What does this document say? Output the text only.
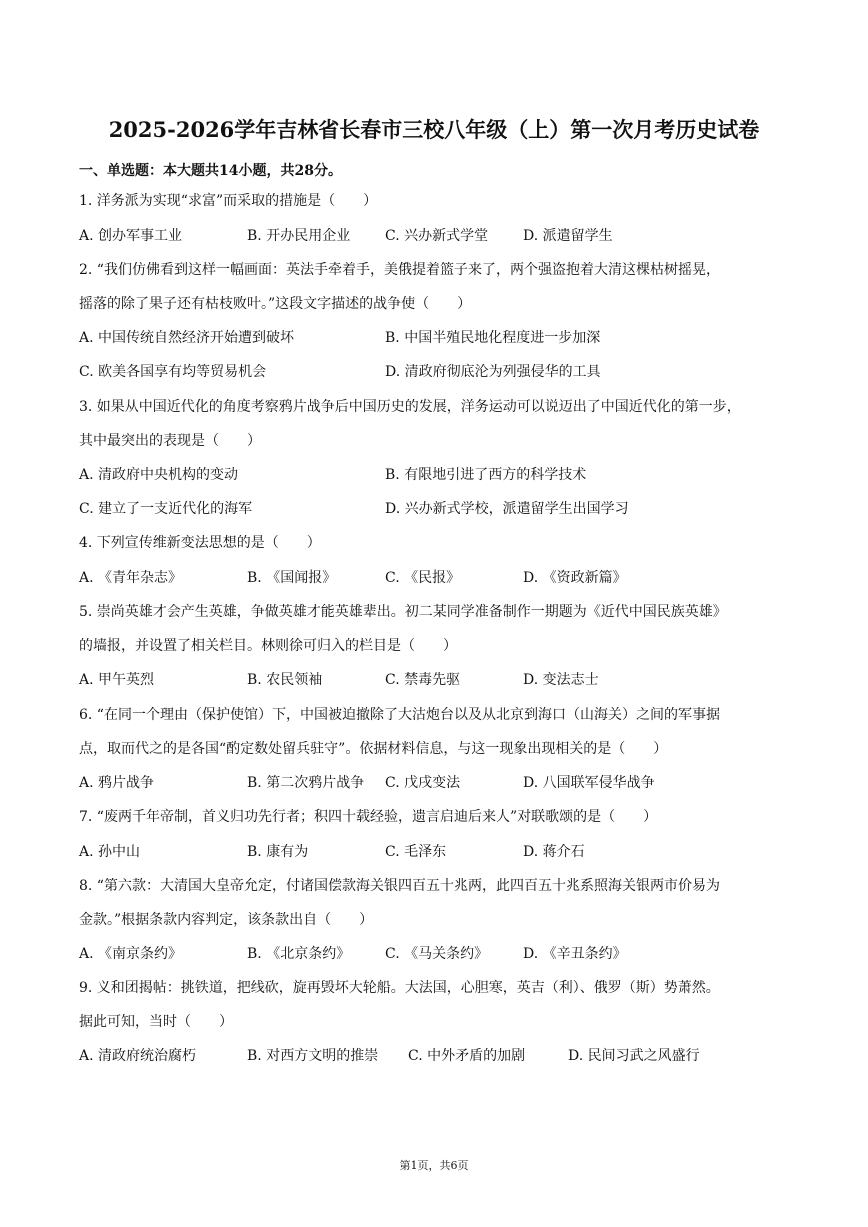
2025-2026学年吉林省长春市三校八年级（上）第一次月考历史试卷
一、单选题：本大题共14小题，共28分。
1. 洋务派为实现“求富”而采取的措施是（　　）
A. 创办军事工业	B. 开办民用企业 C. 兴办新式学堂 D. 派遣留学生
2. “我们仿佛看到这样一幅画面：英法手牵着手，美俄提着篮子来了，两个强盗抱着大清这棵枯树摇晃，
摇落的除了果子还有枯枝败叶。”这段文字描述的战争使（　　）
A. 中国传统自然经济开始遭到破坏	B. 中国半殖民地化程度进一步加深
C. 欧美各国享有均等贸易机会	D. 清政府彻底沦为列强侵华的工具
3. 如果从中国近代化的角度考察鸦片战争后中国历史的发展，洋务运动可以说迈出了中国近代化的第一步，
其中最突出的表现是（　　）
A. 清政府中央机构的变动	B. 有限地引进了西方的科学技术
C. 建立了一支近代化的海军	D. 兴办新式学校，派遣留学生出国学习
4. 下列宣传维新变法思想的是（　　）
A. 《青年杂志》	B. 《国闻报》	C. 《民报》	D. 《资政新篇》
5. 崇尚英雄才会产生英雄，争做英雄才能英雄辈出。初二某同学准备制作一期题为《近代中国民族英雄》
的墙报，并设置了相关栏目。林则徐可归入的栏目是（　　）
A. 甲午英烈	B. 农民领袖	C. 禁毒先驱	D. 变法志士
6. “在同一个理由（保护使馆）下，中国被迫撤除了大沽炮台以及从北京到海口（山海关）之间的军事据
点，取而代之的是各国“酌定数处留兵驻守”。依据材料信息，与这一现象出现相关的是（　　）
A. 鸦片战争	B. 第二次鸦片战争 C. 戊戌变法	D. 八国联军侵华战争
7. “废两千年帝制，首义归功先行者；积四十载经验，遗言启迪后来人”对联歌颂的是（　　）
A. 孙中山	B. 康有为	C. 毛泽东	D. 蒋介石
8. “第六款：大清国大皇帝允定，付诸国偿款海关银四百五十兆两，此四百五十兆系照海关银两市价易为
金款。”根据条款内容判定，该条款出自（　　）
A. 《南京条约》	B. 《北京条约》 C. 《马关条约》 D. 《辛丑条约》
9. 义和团揭帖：挑铁道，把线砍，旋再毁坏大轮船。大法国，心胆寒，英吉（利）、俄罗（斯）势萧然。
据此可知，当时（　　）
A. 清政府统治腐朽	B. 对西方文明的推崇 C. 中外矛盾的加剧	D. 民间习武之风盛行
第1页，共6页
